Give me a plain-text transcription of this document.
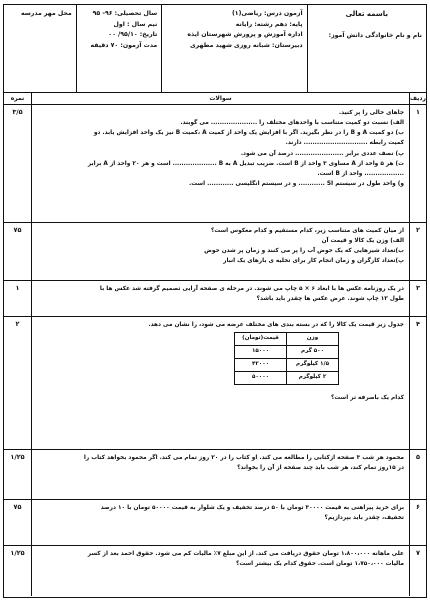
باسمه تعالی
نام و نام خانوادگی دانش آموز:
آزمون درس: ریاضی(۱)
پایه: دهم رشته: رایانه
اداره آموزش و پرورش شهرستان ایذه
دبیرستان: شبانه روزی شهید مطهری
سال تحصیلی: ۹۶- ۹۵
نیم سال : اول
تاریخ: ۹۵/۱۰/ ۰۰
مدت آزمون: ۷۰ دقیقه
محل مهر مدرسه
ردیف
سوالات
نمره
۱
جاهای خالی را پر کنید.
الف) نسبت دو کمیت متناسب با واحدهای مختلف را ..................... می گویند.
ب) دو کمیت A و B را در نظر بگیرید. اگر با افزایش یک واحد از کمیت A ،کمیت B نیز یک واحد افزایش یابد. دو
کمیت رابطه ............................. دارند.
پ) نصف عددی برابر ...................... درصد آن می شود.
ت) هر ۵ واحد از A مساوی ۳ واحد از B است. ضریب تبدیل A به B .................... است و هر ۲۰ واحد از A برابر
.................. واحد از B است.
و) واحد طول در سیستم SI ............ و در سیستم انگلیسی ............ است.
۳/۵
۲
از میان کمیت های متناسب زیر، کدام مستقیم و کدام معکوس است؟
الف) وزن یک کالا و قیمت آن
ب)تعداد شیرهایی که یک حوض آب را پر می کنند و زمان پر شدن حوض
پ)تعداد کارگران و زمان انجام کار برای تخلیه ی بارهای یک انبار
۷۵
۳
در یک روزنامه عکس ها با ابعاد ۶ × ۵ چاپ می شوند. در مرحله ی صفحه آرایی تصمیم گرفته شد عکس ها با
طول ۱۲ چاپ شوند. عرض عکس ها چقدر باید باشد؟
۱
۴
جدول زیر قیمت یک کالا را که در بسته بندی های مختلف عرضه می شود، را نشان می دهد.
وزن	قیمت(تومان)
۵۰۰ گرم	۱۵۰۰۰
۱/۵ کیلوگرم	۴۲۰۰۰
۲ کیلوگرم	۵۰۰۰۰
کدام یک باصرفه تر است؟
۲
۵
محمود هر شب ۳ صفحه ازکتابی را مطالعه می کند. او کتاب را در ۲۰ روز تمام می کند. اگر محمود بخواهد کتاب را
در ۱۵روز تمام کند، هر شب باید چند صفحه از آن را بخواند؟
۱/۲۵
۶
برای خرید پیراهنی به قیمت ۳۰۰۰۰ تومان با ۵۰ درصد تخفیف و یک شلوار به قیمت ۵۰۰۰۰ تومان با ۱۰ درصد
تخفیف، چقدر باید بپردازیم؟
۷۵
۷
علی ماهانه ۱،۸۰۰،۰۰۰ تومان حقوق دریافت می کند. از این مبلغ ۷٪ مالیات کم می شود. حقوق احمد بعد از کسر
مالیات ۱،۷۵۰،۰۰۰ تومان است. حقوق کدام یک بیشتر است؟
۱/۲۵
